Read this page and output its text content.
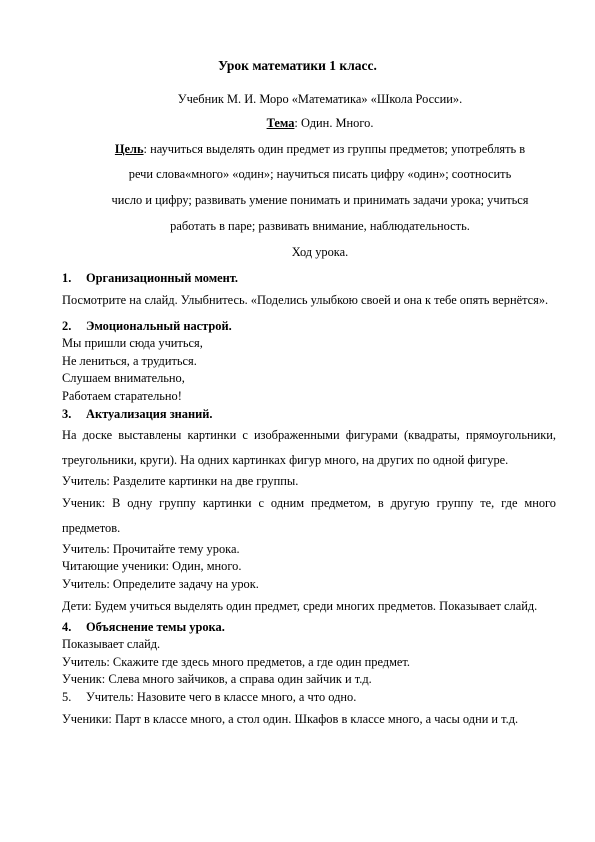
Урок математики 1 класс.
Учебник М. И. Моро «Математика» «Школа России».
Тема: Один. Много.
Цель: научиться выделять один предмет из группы предметов; употреблять в
речи слова«много» «один»; научиться писать цифру «один»; соотносить
число и цифру; развивать умение понимать и принимать задачи урока; учиться
работать в паре; развивать внимание, наблюдательность.
Ход урока.

1. Организационный момент.

Посмотрите на слайд. Улыбнитесь. «Поделись улыбкою своей и она к тебе опять вернётся».

2. Эмоциональный настрой.

Мы пришли сюда учиться,

Не лениться, а трудиться.

Слушаем внимательно,

Работаем старательно!

3. Актуализация знаний.

На доске выставлены картинки с изображенными фигурами (квадраты, прямоугольники, треугольники, круги). На одних картинках фигур много, на других по одной фигуре.

Учитель: Разделите картинки на две группы.

Ученик: В одну группу картинки с одним предметом, в другую группу те, где много предметов.

Учитель: Прочитайте тему урока.

Читающие ученики: Один, много.

Учитель: Определите задачу на урок.

Дети: Будем учиться выделять один предмет, среди многих предметов. Показывает слайд.

4. Объяснение темы урока.

Показывает слайд.

Учитель: Скажите где здесь много предметов, а где один предмет.

Ученик: Слева много зайчиков, а справа один зайчик и т.д.

5. Учитель: Назовите чего в классе много, а что одно.

Ученики: Парт в классе много, а стол один. Шкафов в классе много, а часы одни и т.д.
